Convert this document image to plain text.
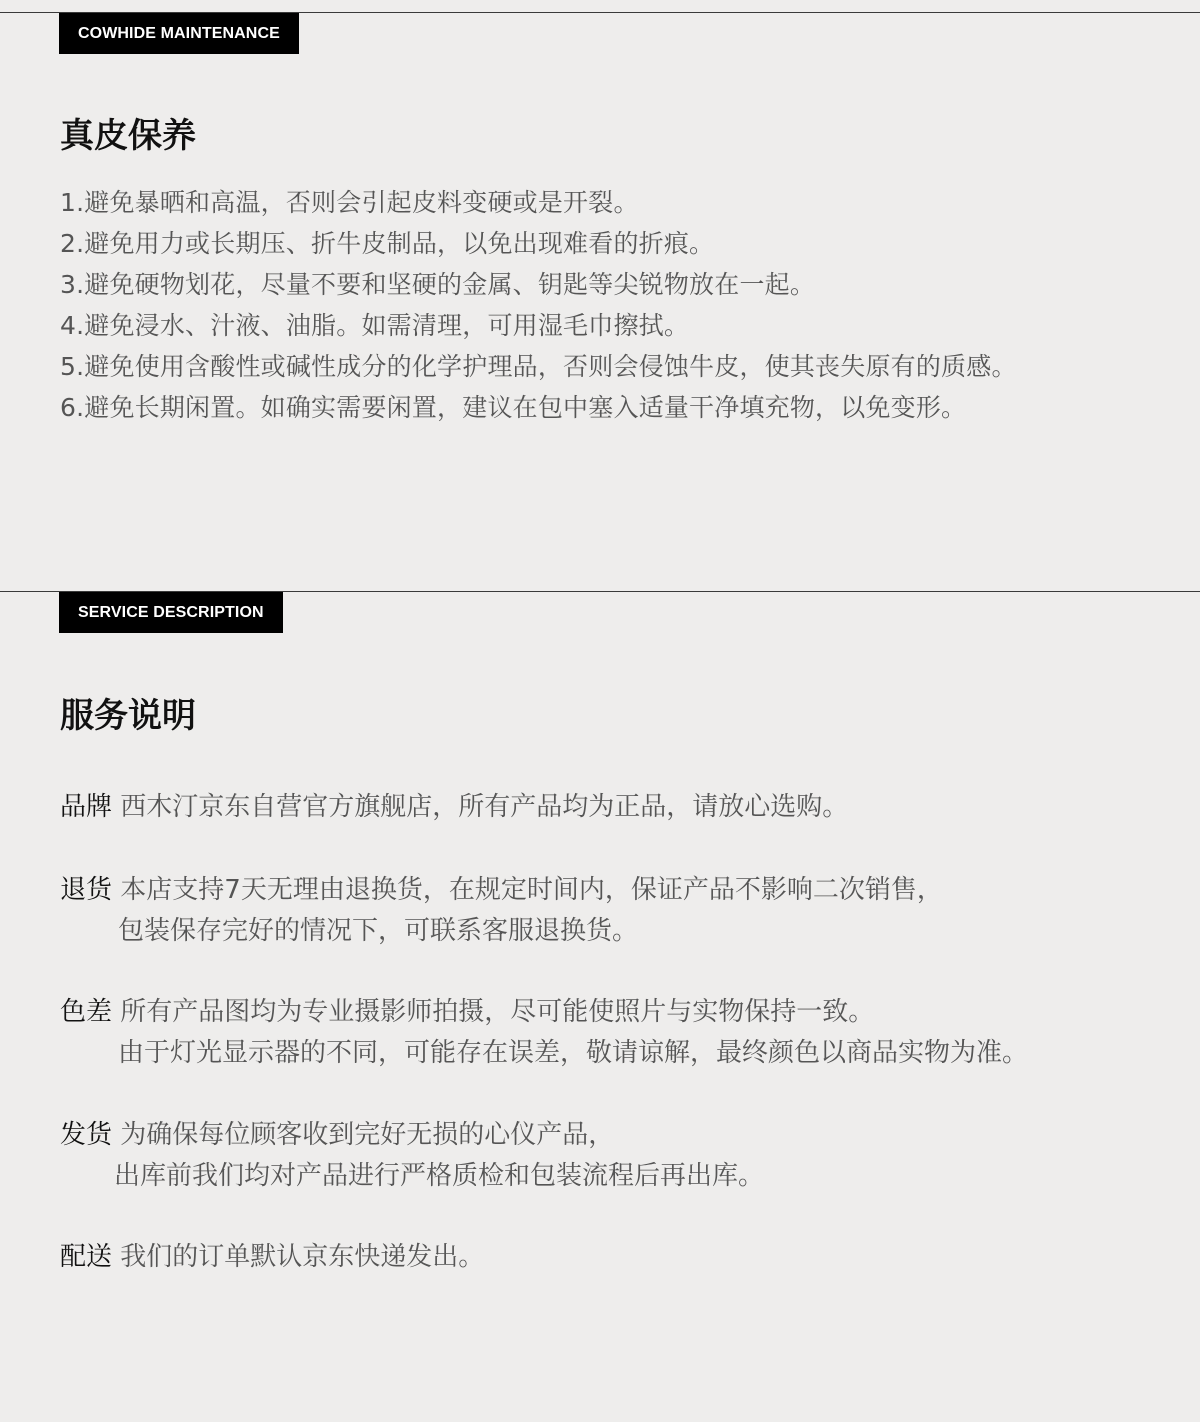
COWHIDE MAINTENANCE
真皮保养
1.避免暴晒和高温，否则会引起皮料变硬或是开裂。
2.避免用力或长期压、折牛皮制品，以免出现难看的折痕。
3.避免硬物划花，尽量不要和坚硬的金属、钥匙等尖锐物放在一起。
4.避免浸水、汁液、油脂。如需清理，可用湿毛巾擦拭。
5.避免使用含酸性或碱性成分的化学护理品，否则会侵蚀牛皮，使其丧失原有的质感。
6.避免长期闲置。如确实需要闲置，建议在包中塞入适量干净填充物，以免变形。
SERVICE DESCRIPTION
服务说明
品牌 西木汀京东自营官方旗舰店，所有产品均为正品，请放心选购。
退货 本店支持7天无理由退换货，在规定时间内，保证产品不影响二次销售，
包装保存完好的情况下，可联系客服退换货。
色差 所有产品图均为专业摄影师拍摄，尽可能使照片与实物保持一致。
由于灯光显示器的不同，可能存在误差，敬请谅解，最终颜色以商品实物为准。
发货 为确保每位顾客收到完好无损的心仪产品，
出库前我们均对产品进行严格质检和包装流程后再出库。
配送 我们的订单默认京东快递发出。
